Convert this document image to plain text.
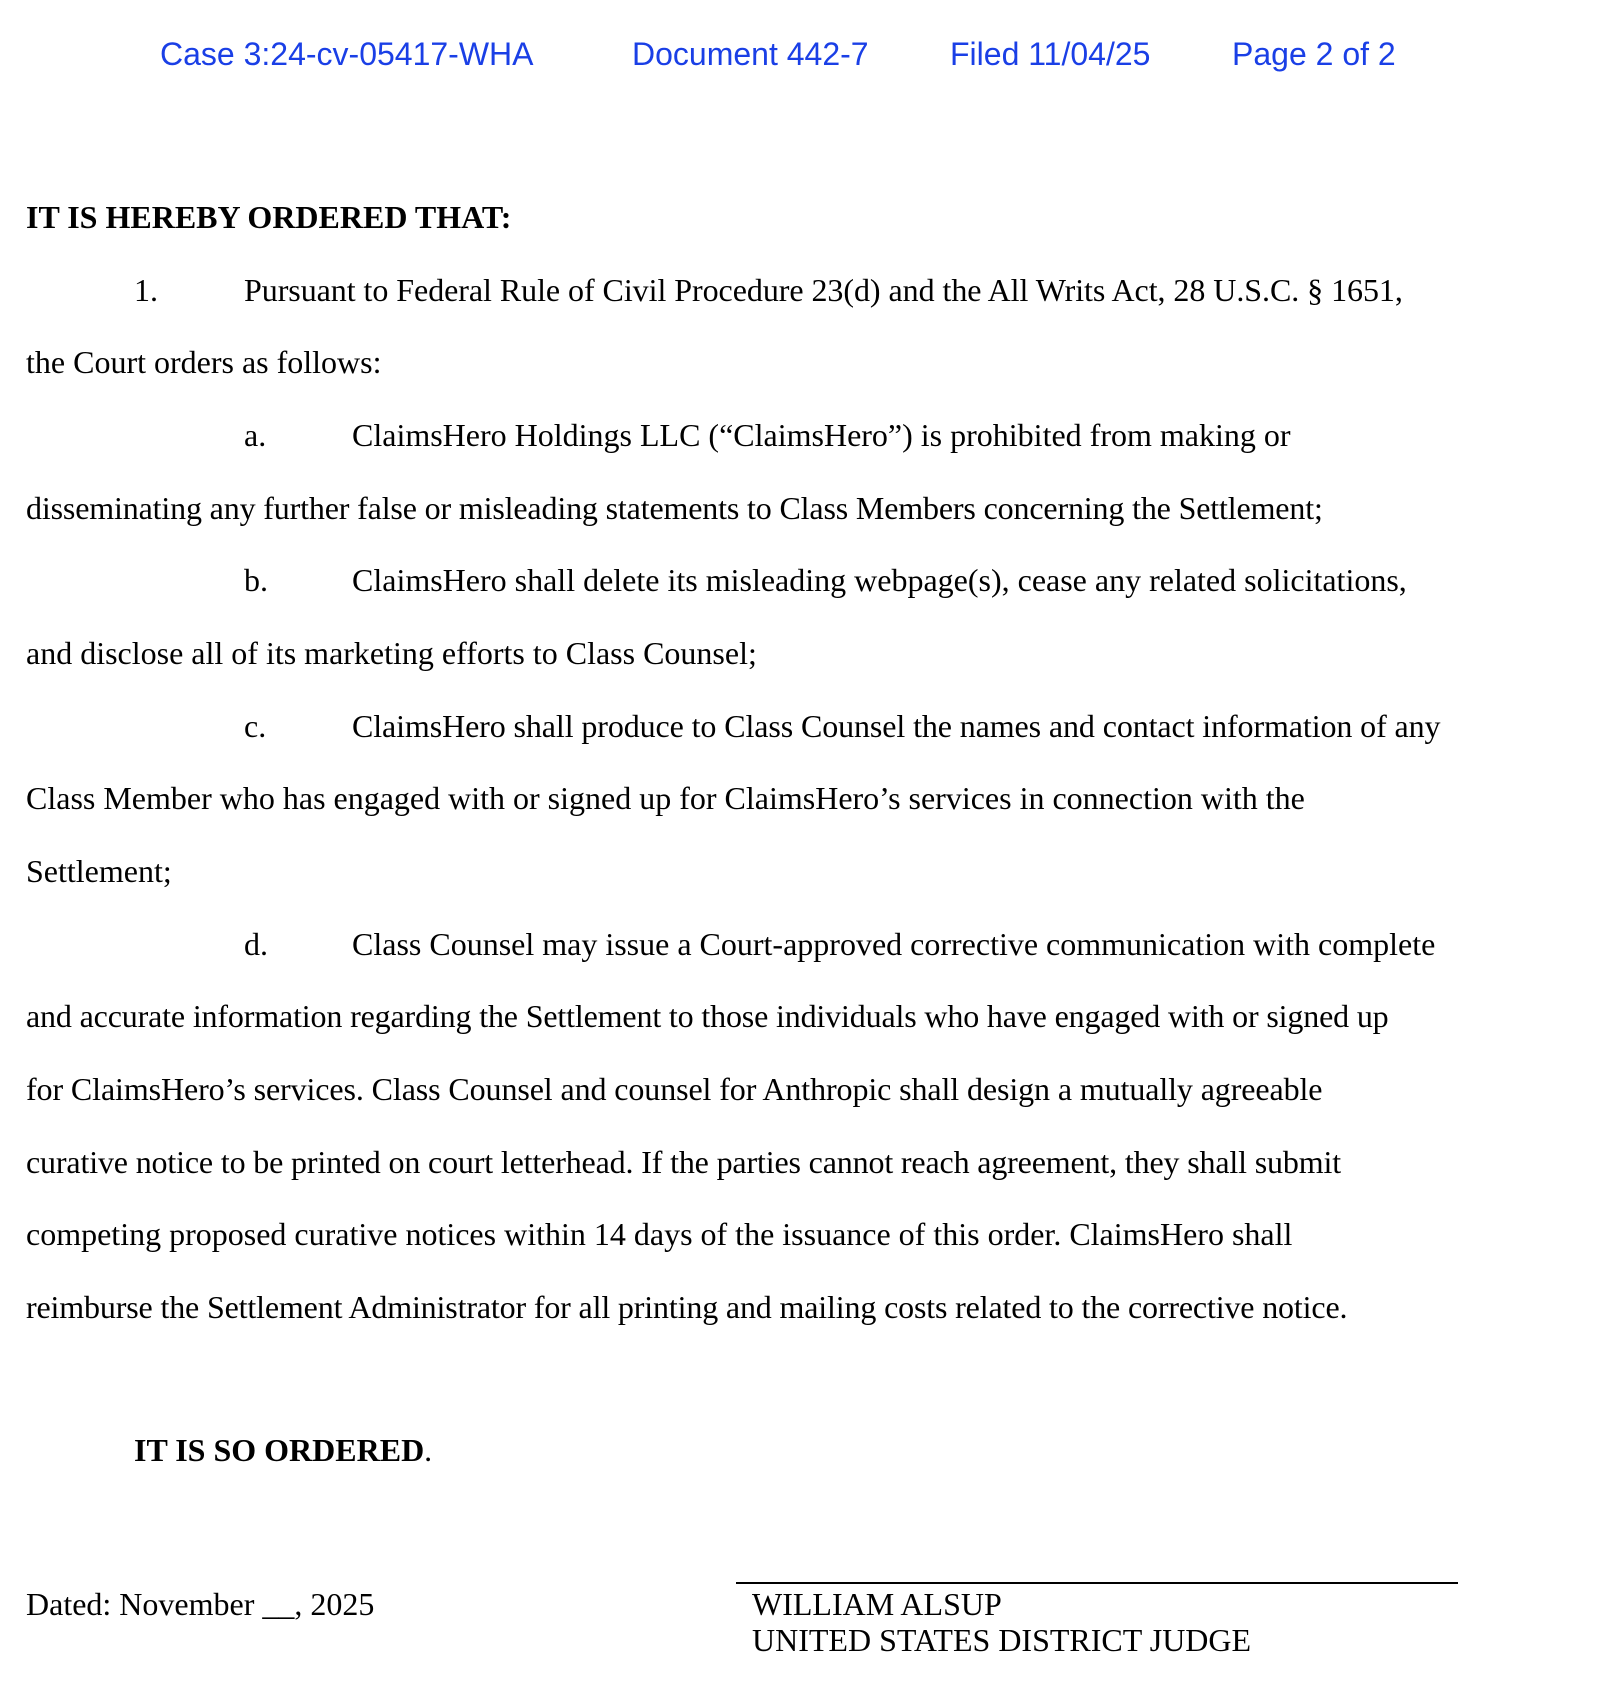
Case 3:24-cv-05417-WHA	Document 442-7	Filed 11/04/25	Page 2 of 2
IT IS HEREBY ORDERED THAT:
1.	Pursuant to Federal Rule of Civil Procedure 23(d) and the All Writs Act, 28 U.S.C. § 1651,
the Court orders as follows:
a.	ClaimsHero Holdings LLC (“ClaimsHero”) is prohibited from making or
disseminating any further false or misleading statements to Class Members concerning the Settlement;
b.	ClaimsHero shall delete its misleading webpage(s), cease any related solicitations,
and disclose all of its marketing efforts to Class Counsel;
c.	ClaimsHero shall produce to Class Counsel the names and contact information of any
Class Member who has engaged with or signed up for ClaimsHero’s services in connection with the
Settlement;
d.	Class Counsel may issue a Court-approved corrective communication with complete
and accurate information regarding the Settlement to those individuals who have engaged with or signed up
for ClaimsHero’s services. Class Counsel and counsel for Anthropic shall design a mutually agreeable
curative notice to be printed on court letterhead. If the parties cannot reach agreement, they shall submit
competing proposed curative notices within 14 days of the issuance of this order. ClaimsHero shall
reimburse the Settlement Administrator for all printing and mailing costs related to the corrective notice.
IT IS SO ORDERED.
Dated: November __, 2025	WILLIAM ALSUP
UNITED STATES DISTRICT JUDGE
